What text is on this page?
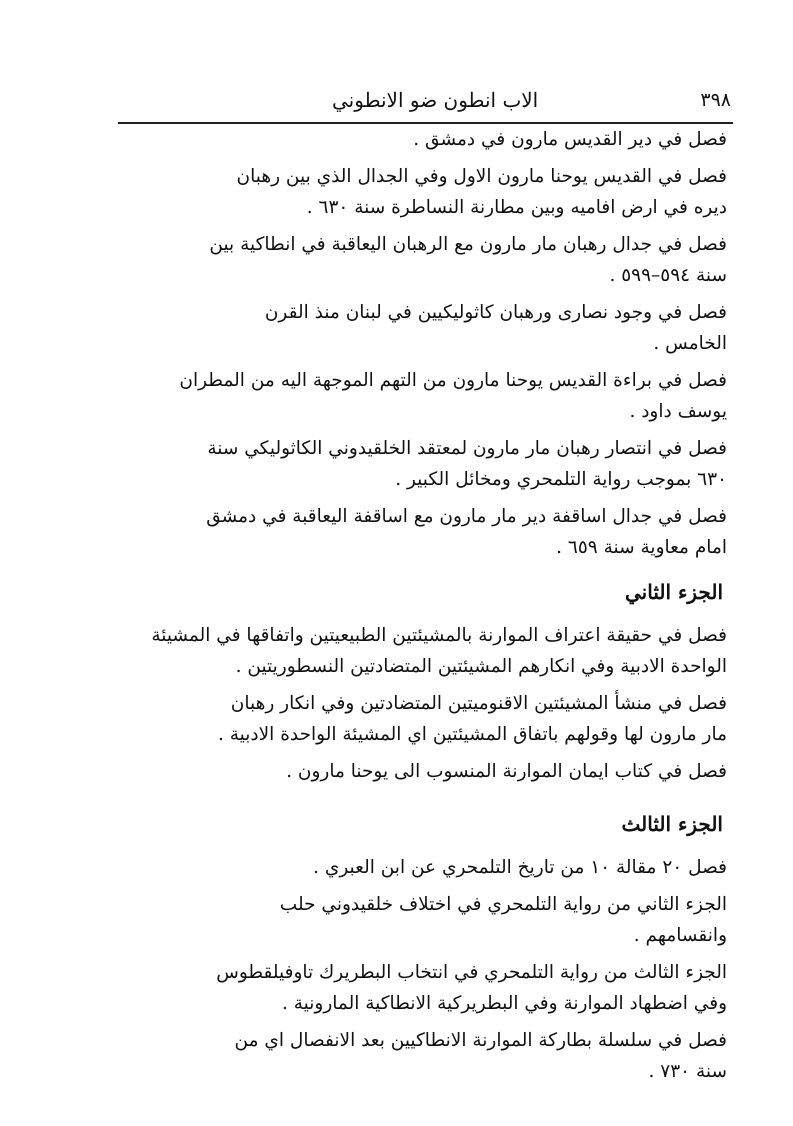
٣٩٨
الاب انطون ضو الانطوني
فصل في دير القديس مارون في دمشق .
فصل في القديس يوحنا مارون الاول وفي الجدال الذي بين رهبان
ديره في ارض افاميه وبين مطارنة النساطرة سنة ٦٣٠ .
فصل في جدال رهبان مار مارون مع الرهبان اليعاقبة في انطاكية بين
سنة ٥٩٤–٥٩٩ .
فصل في وجود نصارى ورهبان كاثوليكيين في لبنان منذ القرن
الخامس .
فصل في براءة القديس يوحنا مارون من التهم الموجهة اليه من المطران
يوسف داود .
فصل في انتصار رهبان مار مارون لمعتقد الخلقيدوني الكاثوليكي سنة
٦٣٠ بموجب رواية التلمحري ومخائل الكبير .
فصل في جدال اساقفة دير مار مارون مع اساقفة اليعاقبة في دمشق
امام معاوية سنة ٦٥٩ .
الجزء الثاني
فصل في حقيقة اعتراف الموارنة بالمشيئتين الطبيعيتين واتفاقها في المشيئة
الواحدة الادبية وفي انكارهم المشيئتين المتضادتين النسطوريتين .
فصل في منشأ المشيئتين الاقنوميتين المتضادتين وفي انكار رهبان
مار مارون لها وقولهم باتفاق المشيئتين اي المشيئة الواحدة الادبية .
فصل في كتاب ايمان الموارنة المنسوب الى يوحنا مارون .
الجزء الثالث
فصل ٢٠ مقالة ١٠ من تاريخ التلمحري عن ابن العبري .
الجزء الثاني من رواية التلمحري في اختلاف خلقيدوني حلب
وانقسامهم .
الجزء الثالث من رواية التلمحري في انتخاب البطريرك تاوفيلقطوس
وفي اضطهاد الموارنة وفي البطريركية الانطاكية المارونية .
فصل في سلسلة بطاركة الموارنة الانطاكيين بعد الانفصال اي من
سنة ٧٣٠ .
